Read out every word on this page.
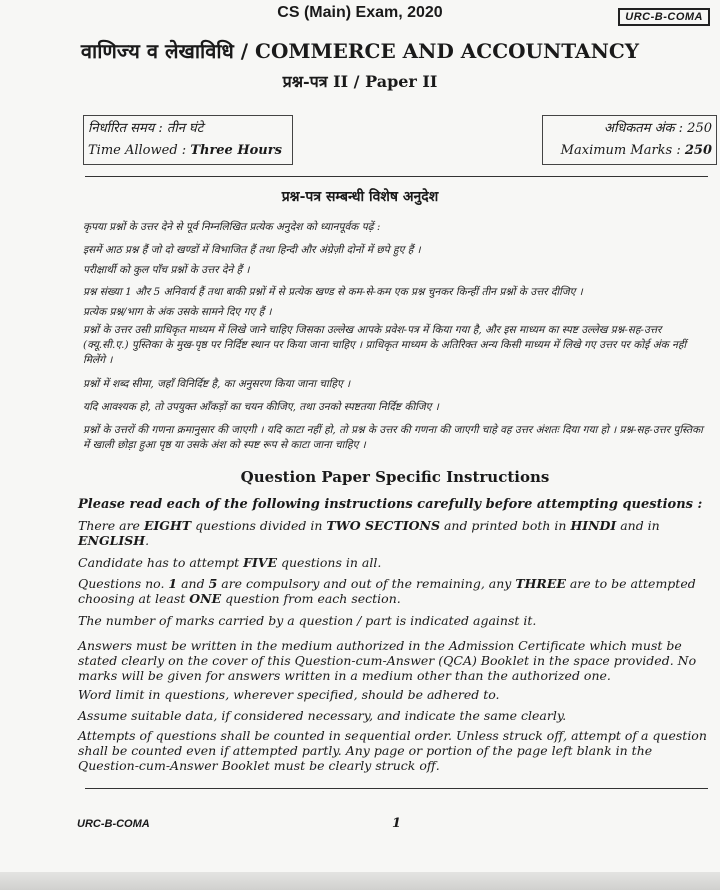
CS (Main) Exam, 2020	URC-B-COMA
वाणिज्य व लेखाविधि / COMMERCE AND ACCOUNTANCY
प्रश्न-पत्र II / Paper II
निर्धारित समय : तीन घंटे
Time Allowed : Three Hours
अधिकतम अंक : 250
Maximum Marks : 250
प्रश्न-पत्र सम्बन्धी विशेष अनुदेश
कृपया प्रश्नों के उत्तर देने से पूर्व निम्नलिखित प्रत्येक अनुदेश को ध्यानपूर्वक पढ़ें :
इसमें आठ प्रश्न हैं जो दो खण्डों में विभाजित हैं तथा हिन्दी और अंग्रेज़ी दोनों में छपे हुए हैं ।
परीक्षार्थी को कुल पाँच प्रश्नों के उत्तर देने हैं ।
प्रश्न संख्या 1 और 5 अनिवार्य हैं तथा बाकी प्रश्नों में से प्रत्येक खण्ड से कम-से-कम एक प्रश्न चुनकर किन्हीं तीन प्रश्नों के उत्तर दीजिए ।
प्रत्येक प्रश्न/भाग के अंक उसके सामने दिए गए हैं ।
प्रश्नों के उत्तर उसी प्राधिकृत माध्यम में लिखे जाने चाहिए जिसका उल्लेख आपके प्रवेश-पत्र में किया गया है, और इस माध्यम का स्पष्ट उल्लेख प्रश्न-सह-उत्तर (क्यू.सी.ए.) पुस्तिका के मुख-पृष्ठ पर निर्दिष्ट स्थान पर किया जाना चाहिए । प्राधिकृत माध्यम के अतिरिक्त अन्य किसी माध्यम में लिखे गए उत्तर पर कोई अंक नहीं मिलेंगे ।
प्रश्नों में शब्द सीमा, जहाँ विनिर्दिष्ट है, का अनुसरण किया जाना चाहिए ।
यदि आवश्यक हो, तो उपयुक्त आँकड़ों का चयन कीजिए, तथा उनको स्पष्टतया निर्दिष्ट कीजिए ।
प्रश्नों के उत्तरों की गणना क्रमानुसार की जाएगी । यदि काटा नहीं हो, तो प्रश्न के उत्तर की गणना की जाएगी चाहे वह उत्तर अंशतः दिया गया हो । प्रश्न-सह-उत्तर पुस्तिका में खाली छोड़ा हुआ पृष्ठ या उसके अंश को स्पष्ट रूप से काटा जाना चाहिए ।
Question Paper Specific Instructions
Please read each of the following instructions carefully before attempting questions :
There are EIGHT questions divided in TWO SECTIONS and printed both in HINDI and in ENGLISH.
Candidate has to attempt FIVE questions in all.
Questions no. 1 and 5 are compulsory and out of the remaining, any THREE are to be attempted choosing at least ONE question from each section.
The number of marks carried by a question / part is indicated against it.
Answers must be written in the medium authorized in the Admission Certificate which must be stated clearly on the cover of this Question-cum-Answer (QCA) Booklet in the space provided. No marks will be given for answers written in a medium other than the authorized one.
Word limit in questions, wherever specified, should be adhered to.
Assume suitable data, if considered necessary, and indicate the same clearly.
Attempts of questions shall be counted in sequential order. Unless struck off, attempt of a question shall be counted even if attempted partly. Any page or portion of the page left blank in the Question-cum-Answer Booklet must be clearly struck off.
URC-B-COMA	1
